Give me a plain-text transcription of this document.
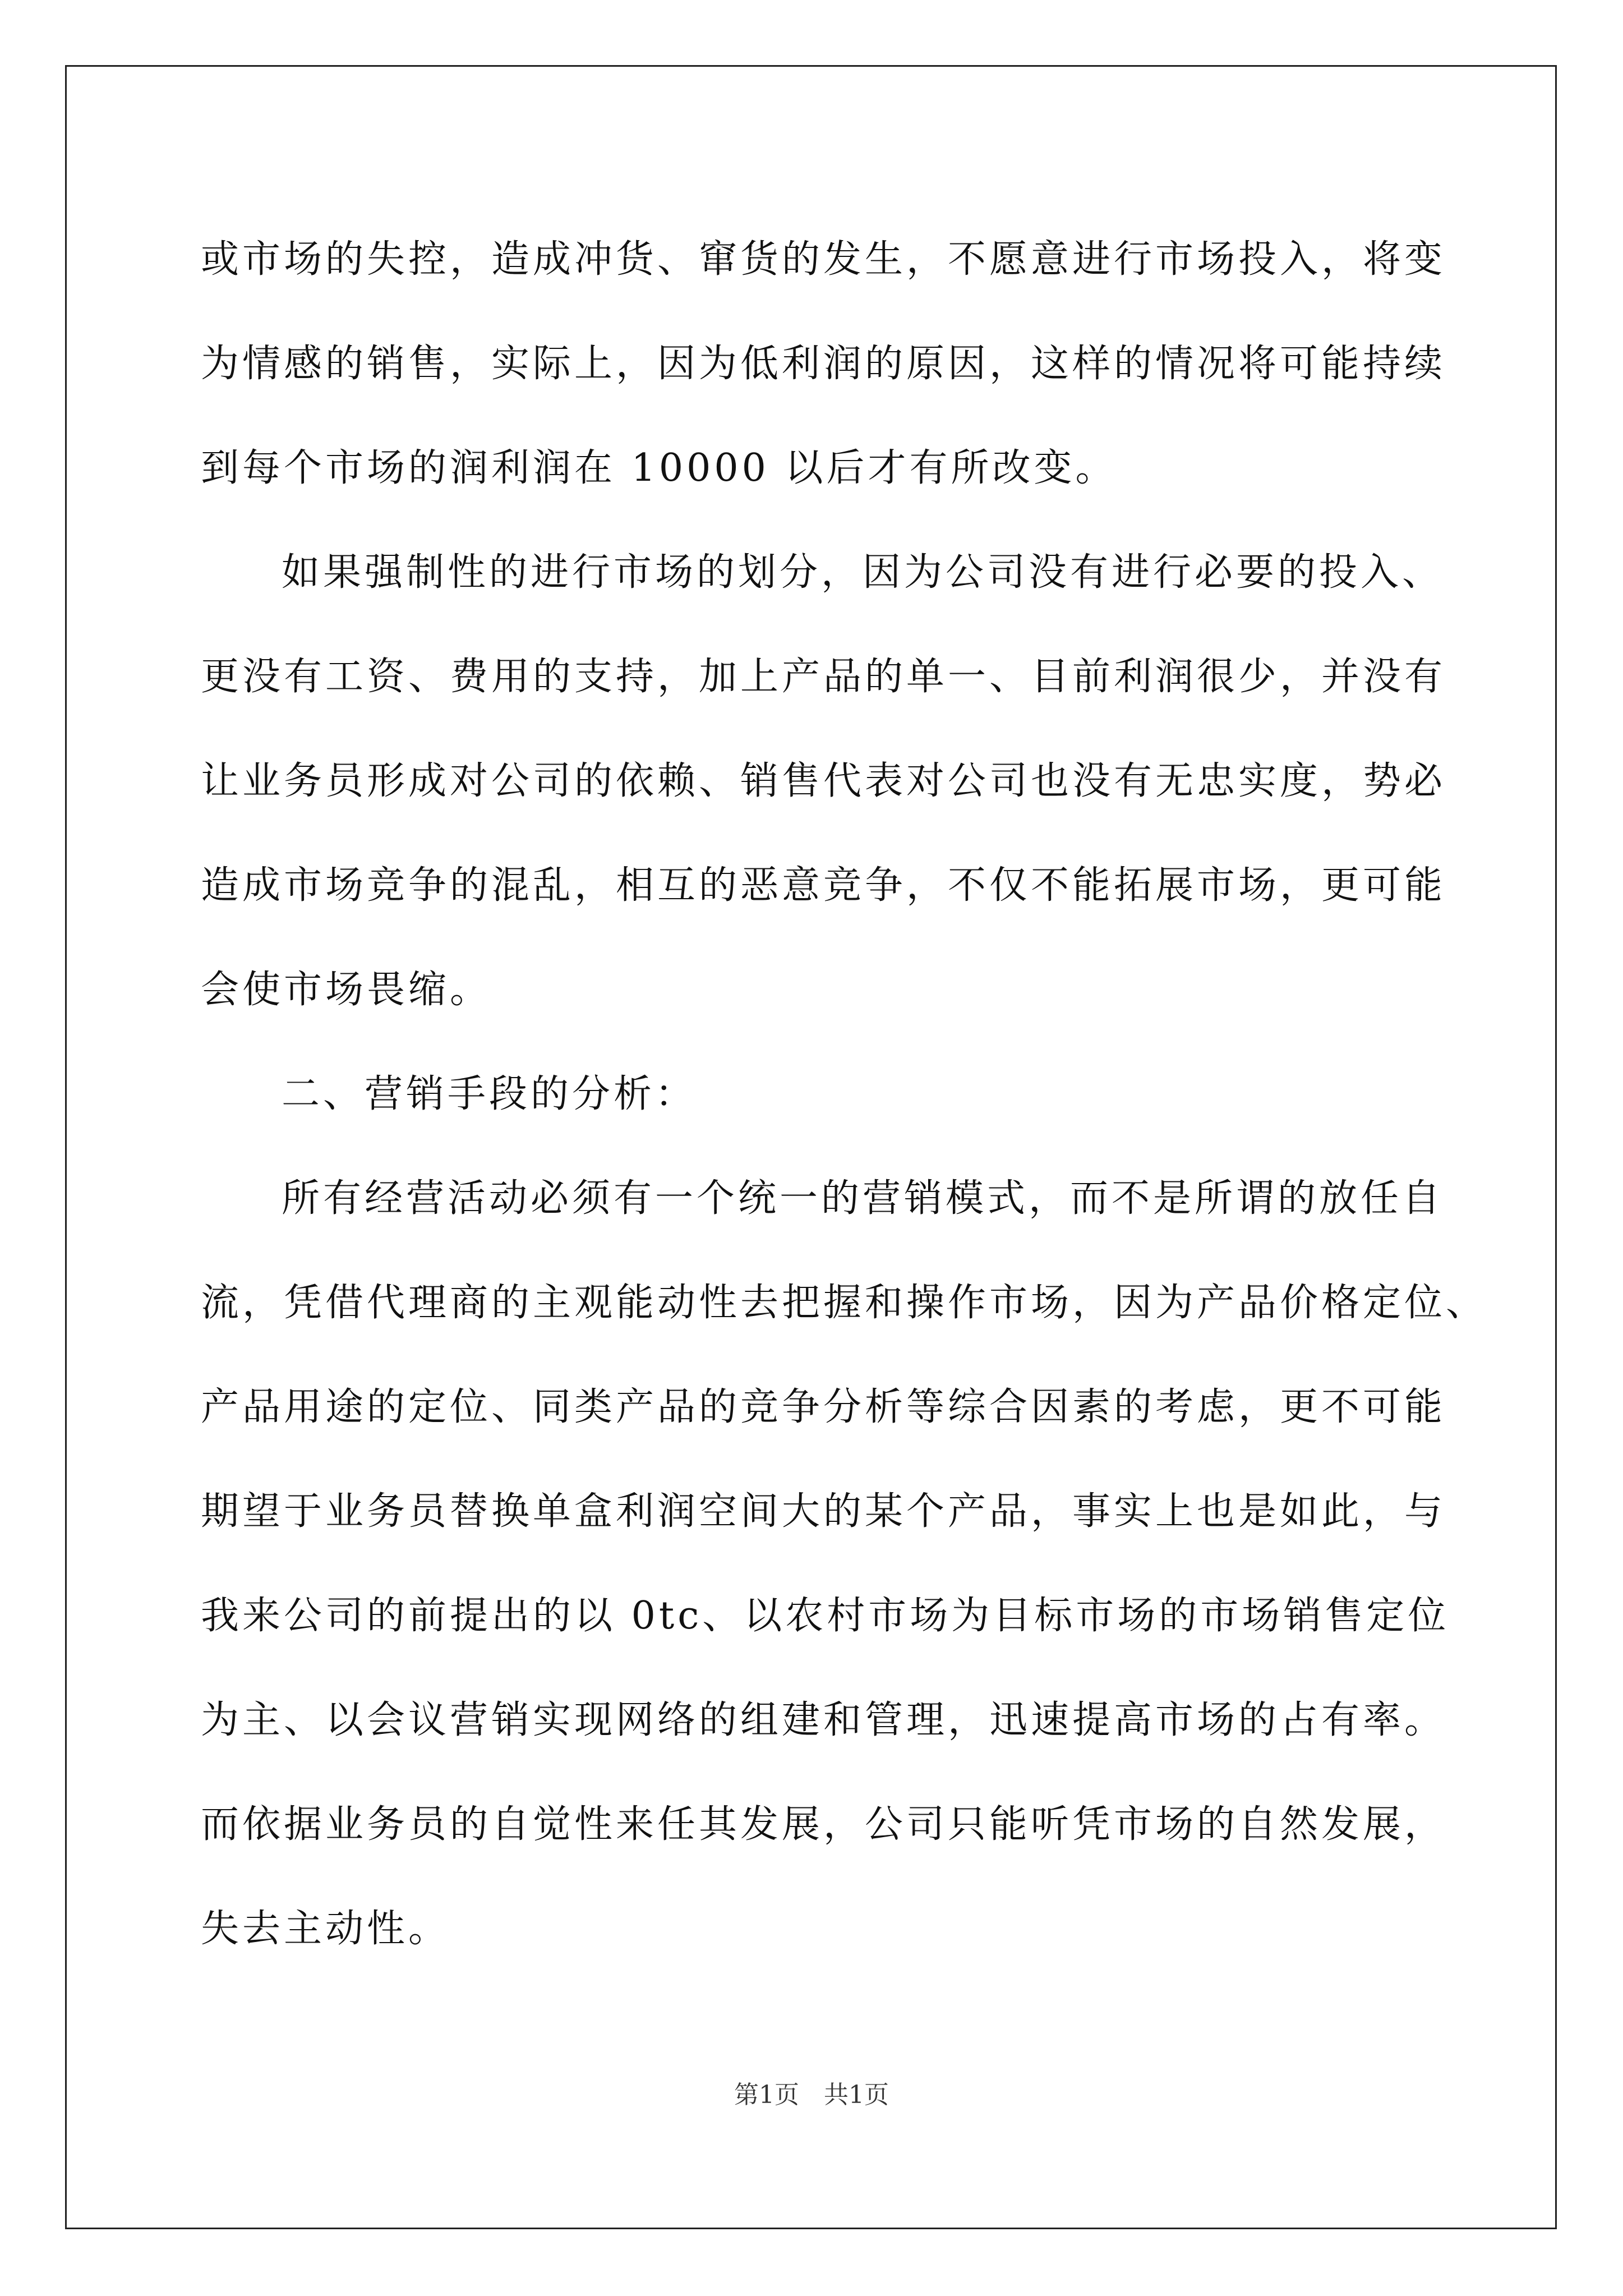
或市场的失控，造成冲货、窜货的发生，不愿意进行市场投入，将变
为情感的销售，实际上，因为低利润的原因，这样的情况将可能持续
到每个市场的润利润在 10000 以后才有所改变。
如果强制性的进行市场的划分，因为公司没有进行必要的投入、
更没有工资、费用的支持，加上产品的单一、目前利润很少，并没有
让业务员形成对公司的依赖、销售代表对公司也没有无忠实度，势必
造成市场竞争的混乱，相互的恶意竞争，不仅不能拓展市场，更可能
会使市场畏缩。
二、营销手段的分析：
所有经营活动必须有一个统一的营销模式，而不是所谓的放任自
流，凭借代理商的主观能动性去把握和操作市场，因为产品价格定位、
产品用途的定位、同类产品的竞争分析等综合因素的考虑，更不可能
期望于业务员替换单盒利润空间大的某个产品，事实上也是如此，与
我来公司的前提出的以 0tc、以农村市场为目标市场的市场销售定位
为主、以会议营销实现网络的组建和管理，迅速提高市场的占有率。
而依据业务员的自觉性来任其发展，公司只能听凭市场的自然发展，
失去主动性。
第1页 共1页
